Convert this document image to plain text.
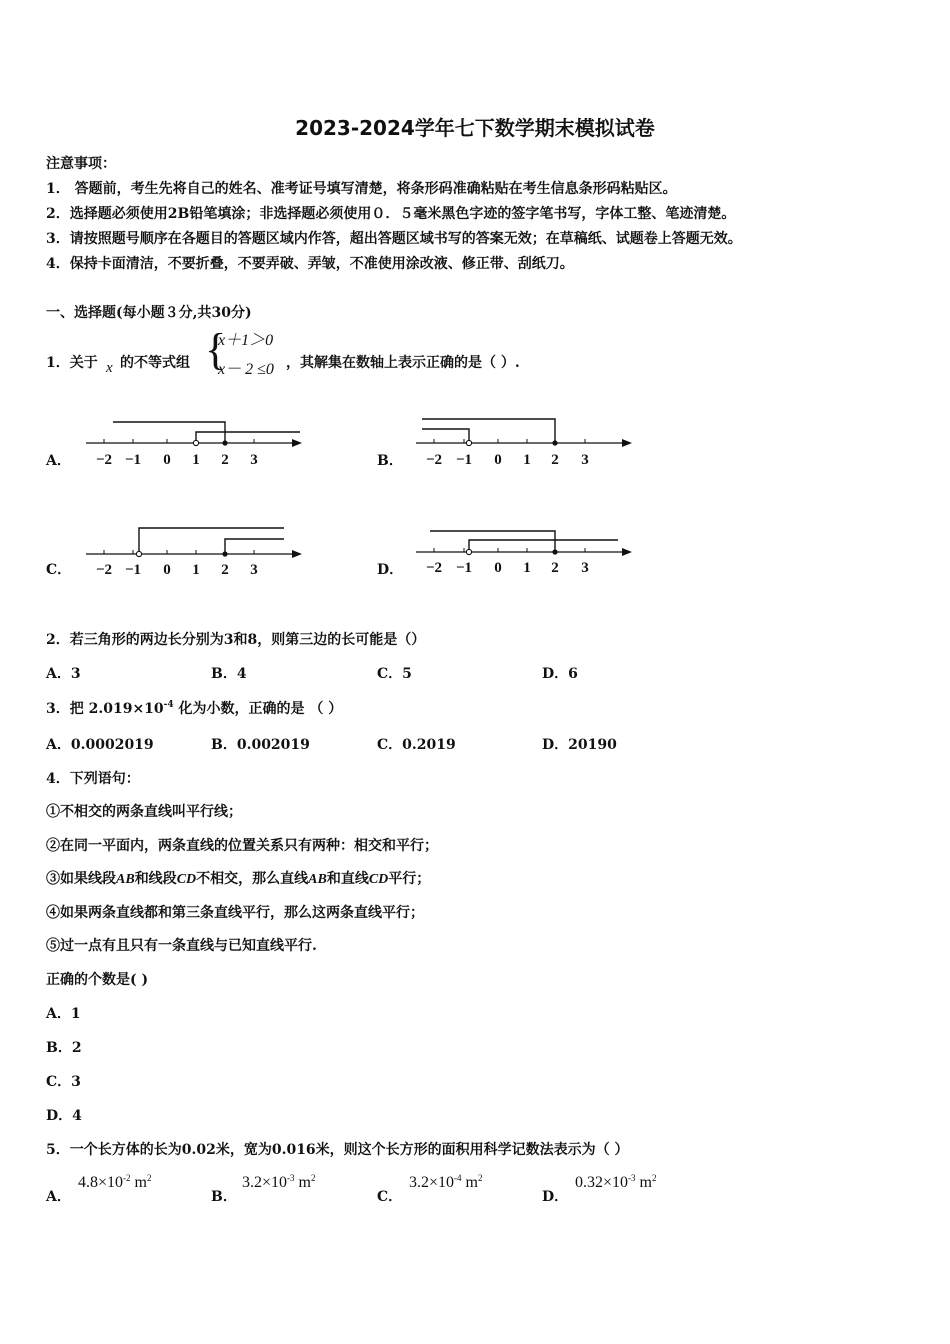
2023-2024学年七下数学期末模拟试卷
注意事项：
1． 答题前，考生先将自己的姓名、准考证号填写清楚，将条形码准确粘贴在考生信息条形码粘贴区。
2．选择题必须使用2B铅笔填涂；非选择题必须使用０．５毫米黑色字迹的签字笔书写，字体工整、笔迹清楚。
3．请按照题号顺序在各题目的答题区域内作答，超出答题区域书写的答案无效；在草稿纸、试题卷上答题无效。
4．保持卡面清洁，不要折叠，不要弄破、弄皱，不准使用涂改液、修正带、刮纸刀。
一、选择题(每小题３分,共30分)
1．关于 x 的不等式组 {
x＋1＞0
x－ 2 ≤0 ，其解集在数轴上表示正确的是（ ）.
A．	B．
C．	D．
−2 −1 0 1 2 3	−2 −1 0 1 2 3
−2 −1 0 1 2 3	−2 −1 0 1 2 3
2．若三角形的两边长分别为3和8，则第三边的长可能是（）
A．3	B．4	C．5	D．6
3．把 $2.019\times 10^{-4}$ 化为小数，正确的是 （ ）
A．0.0002019	B．0.002019	C．0.2019	D．20190
4．下列语句：
①不相交的两条直线叫平行线；
②在同一平面内，两条直线的位置关系只有两种：相交和平行；
③如果线段AB和线段CD不相交，那么直线AB和直线CD平行；
④如果两条直线都和第三条直线平行，那么这两条直线平行；
⑤过一点有且只有一条直线与已知直线平行.
正确的个数是( )
A．1
B．2
C．3
D．4
5．一个长方体的长为0.02米，宽为0.016米，则这个长方形的面积用科学记数法表示为（ ）
A．
$4.8\times 10^{-2}$ $m^2$
B．
$3.2\times 10^{-3}$ $m^2$
C．
$3.2\times 10^{-4}$ $m^2$
D．
$0.32\times 10^{-3}$ $m^2$
